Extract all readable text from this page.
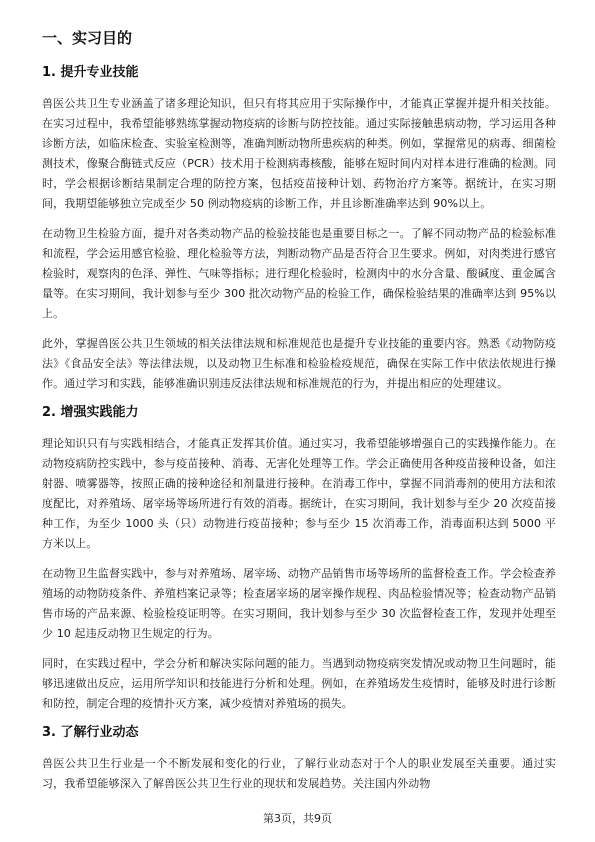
一、实习目的
1. 提升专业技能

兽医公共卫生专业涵盖了诸多理论知识，但只有将其应用于实际操作中，才能真正掌握并提升相关技能。在实习过程中，我希望能够熟练掌握动物疫病的诊断与防控技能。通过实际接触患病动物，学习运用各种诊断方法，如临床检查、实验室检测等，准确判断动物所患疾病的种类。例如，掌握常见的病毒、细菌检测技术，像聚合酶链式反应（PCR）技术用于检测病毒核酸，能够在短时间内对样本进行准确的检测。同时，学会根据诊断结果制定合理的防控方案，包括疫苗接种计划、药物治疗方案等。据统计，在实习期间，我期望能够独立完成至少 50 例动物疫病的诊断工作，并且诊断准确率达到 90%以上。

在动物卫生检验方面，提升对各类动物产品的检验技能也是重要目标之一。了解不同动物产品的检验标准和流程，学会运用感官检验、理化检验等方法，判断动物产品是否符合卫生要求。例如，对肉类进行感官检验时，观察肉的色泽、弹性、气味等指标；进行理化检验时，检测肉中的水分含量、酸碱度、重金属含量等。在实习期间，我计划参与至少 300 批次动物产品的检验工作，确保检验结果的准确率达到 95%以上。

此外，掌握兽医公共卫生领域的相关法律法规和标准规范也是提升专业技能的重要内容。熟悉《动物防疫法》《食品安全法》等法律法规，以及动物卫生标准和检验检疫规范，确保在实际工作中依法依规进行操作。通过学习和实践，能够准确识别违反法律法规和标准规范的行为，并提出相应的处理建议。

2. 增强实践能力

理论知识只有与实践相结合，才能真正发挥其价值。通过实习，我希望能够增强自己的实践操作能力。在动物疫病防控实践中，参与疫苗接种、消毒、无害化处理等工作。学会正确使用各种疫苗接种设备，如注射器、喷雾器等，按照正确的接种途径和剂量进行接种。在消毒工作中，掌握不同消毒剂的使用方法和浓度配比，对养殖场、屠宰场等场所进行有效的消毒。据统计，在实习期间，我计划参与至少 20 次疫苗接种工作，为至少 1000 头（只）动物进行疫苗接种；参与至少 15 次消毒工作，消毒面积达到 5000 平方米以上。

在动物卫生监督实践中，参与对养殖场、屠宰场、动物产品销售市场等场所的监督检查工作。学会检查养殖场的动物防疫条件、养殖档案记录等；检查屠宰场的屠宰操作规程、肉品检验情况等；检查动物产品销售市场的产品来源、检验检疫证明等。在实习期间，我计划参与至少 30 次监督检查工作，发现并处理至少 10 起违反动物卫生规定的行为。

同时，在实践过程中，学会分析和解决实际问题的能力。当遇到动物疫病突发情况或动物卫生问题时，能够迅速做出反应，运用所学知识和技能进行分析和处理。例如，在养殖场发生疫情时，能够及时进行诊断和防控，制定合理的疫情扑灭方案，减少疫情对养殖场的损失。

3. 了解行业动态

兽医公共卫生行业是一个不断发展和变化的行业，了解行业动态对于个人的职业发展至关重要。通过实习，我希望能够深入了解兽医公共卫生行业的现状和发展趋势。关注国内外动物

第3页，共9页
